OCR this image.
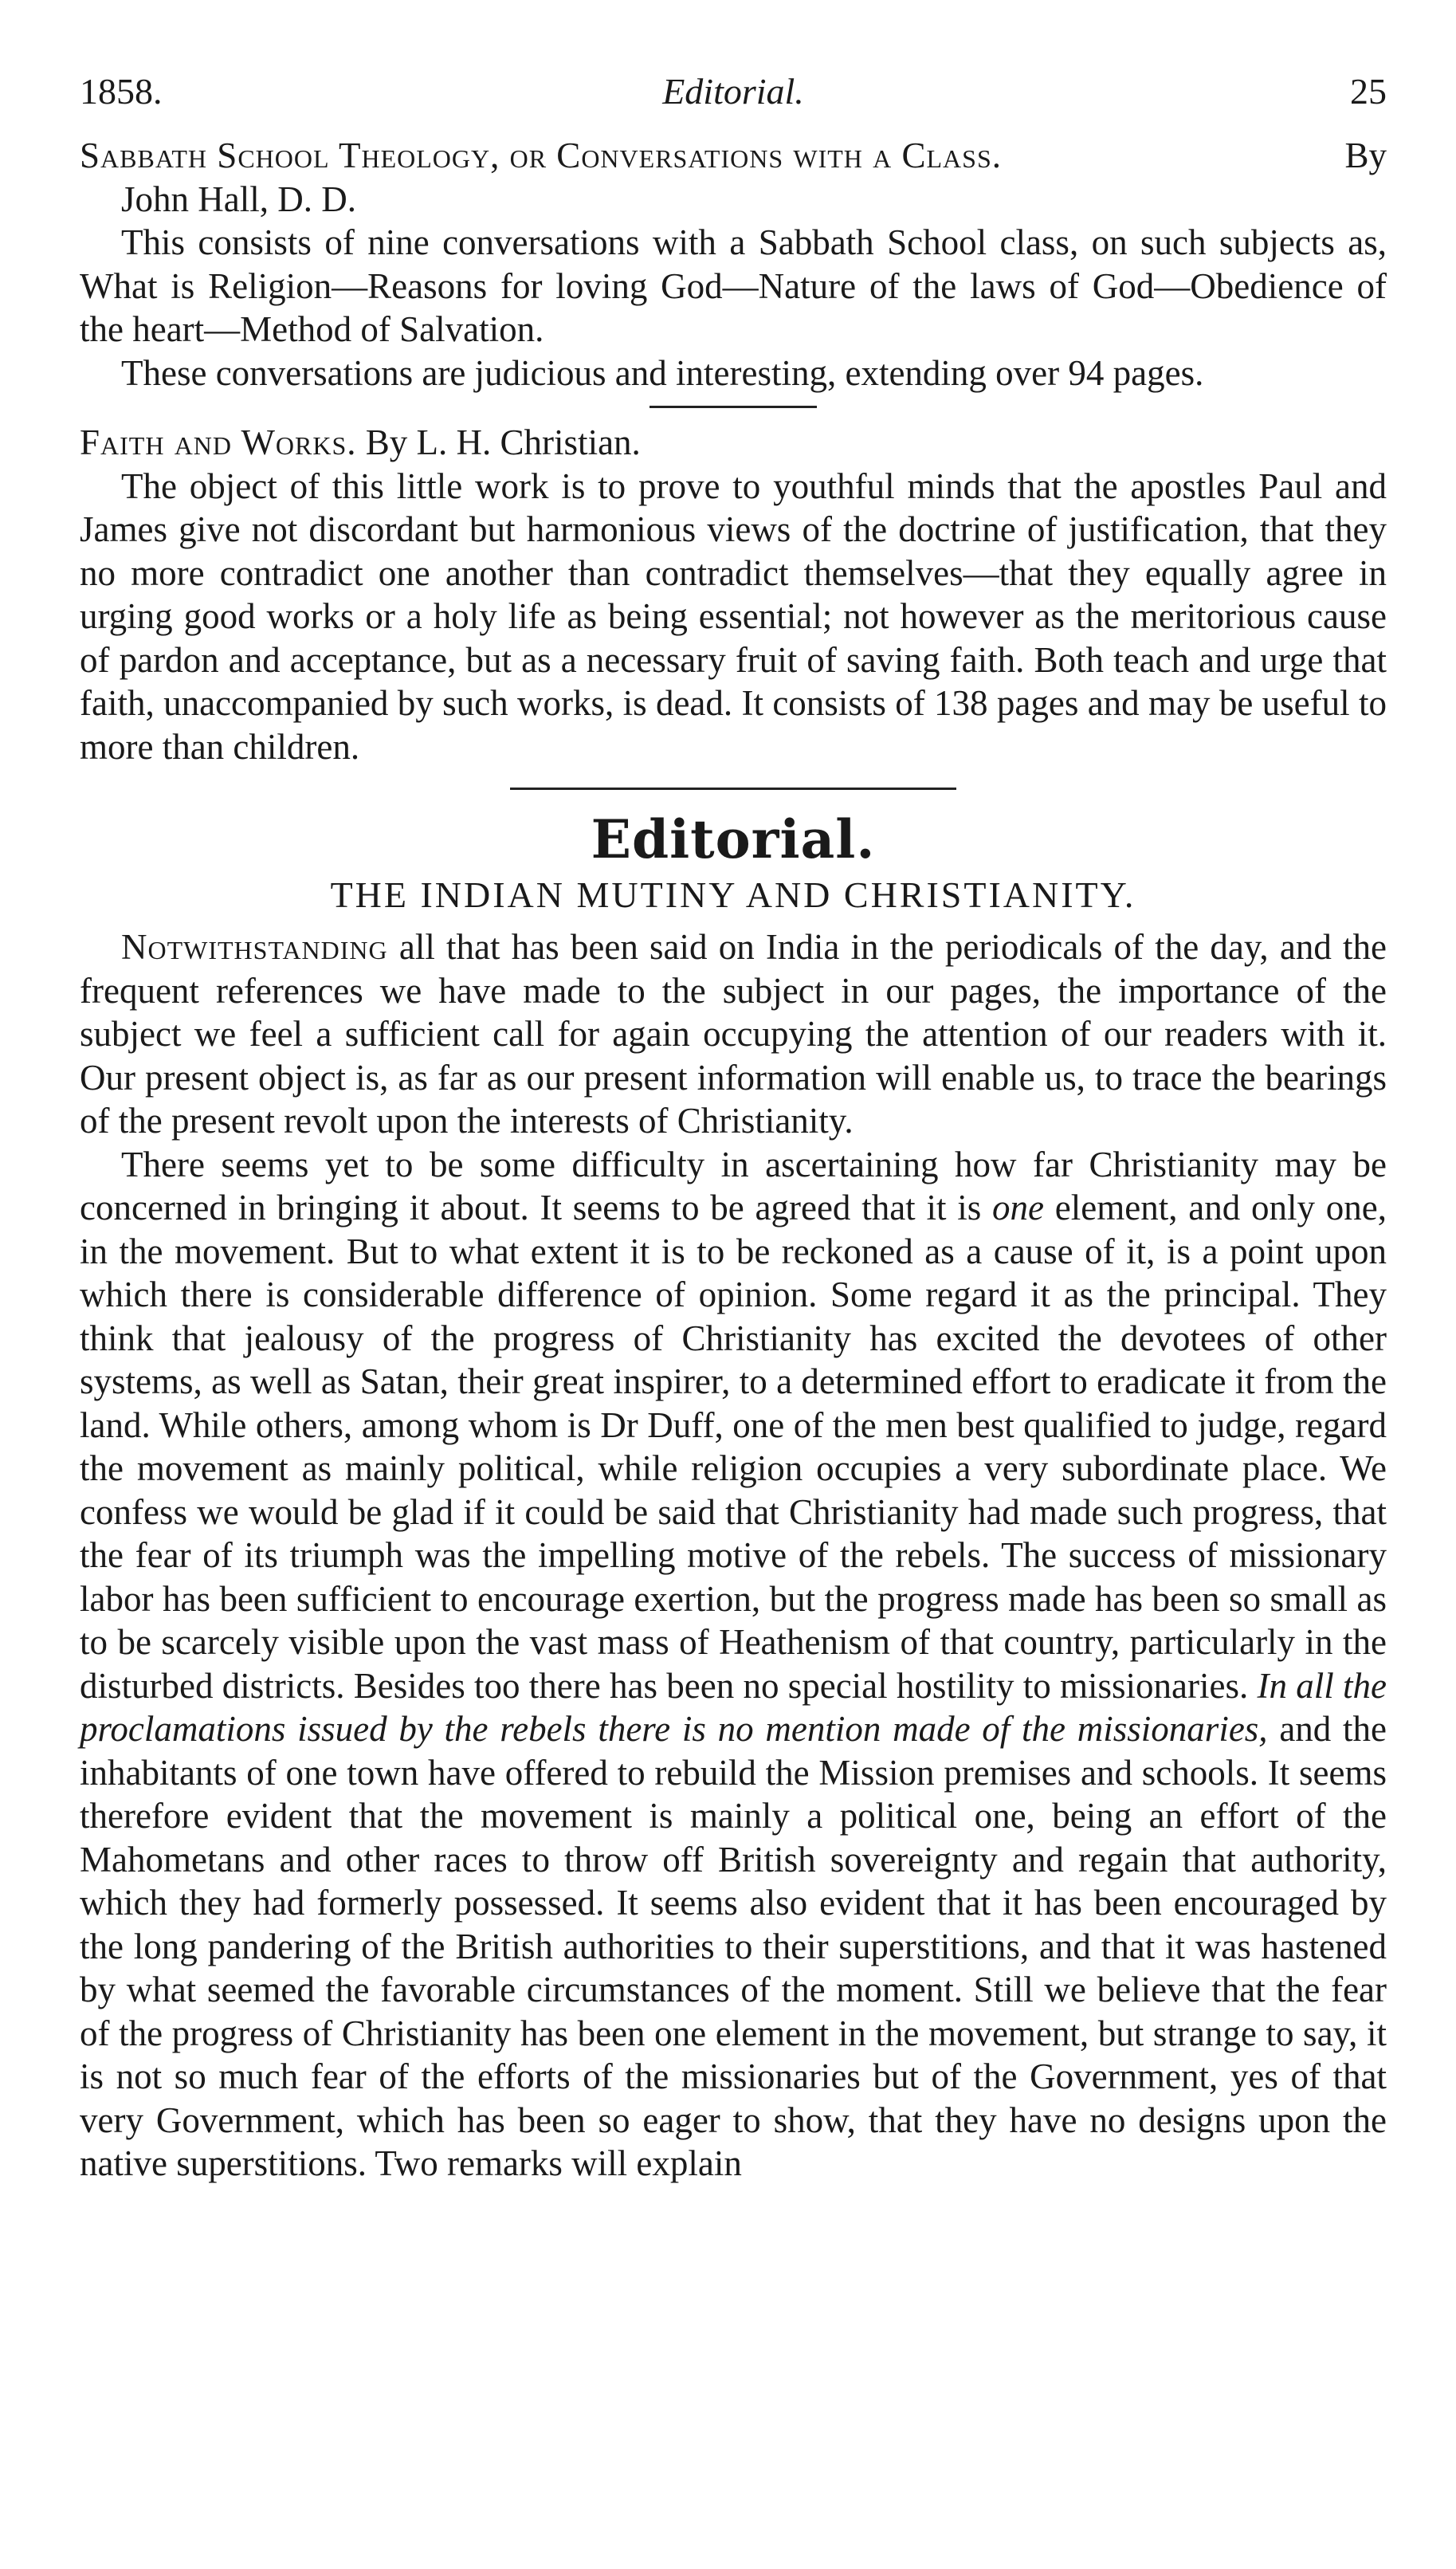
1858.	Editorial.	25
Sabbath School Theology, or Conversations with a Class.	By
John Hall, D. D.

This consists of nine conversations with a Sabbath School class, on such subjects as, What is Religion—Reasons for loving God—Nature of the laws of God—Obedience of the heart—Method of Salvation.

These conversations are judicious and interesting, extending over 94 pages.

Faith and Works. By L. H. Christian.

The object of this little work is to prove to youthful minds that the apostles Paul and James give not discordant but harmonious views of the doctrine of justification, that they no more contradict one another than contradict themselves—that they equally agree in urging good works or a holy life as being essential; not however as the meritorious cause of pardon and acceptance, but as a necessary fruit of saving faith. Both teach and urge that faith, unaccompanied by such works, is dead. It consists of 138 pages and may be useful to more than children.

Editorial.
THE INDIAN MUTINY AND CHRISTIANITY.

Notwithstanding all that has been said on India in the periodicals of the day, and the frequent references we have made to the subject in our pages, the importance of the subject we feel a sufficient call for again occupying the attention of our readers with it. Our present object is, as far as our present information will enable us, to trace the bearings of the present revolt upon the interests of Christianity.

There seems yet to be some difficulty in ascertaining how far Christianity may be concerned in bringing it about. It seems to be agreed that it is one element, and only one, in the movement. But to what extent it is to be reckoned as a cause of it, is a point upon which there is considerable difference of opinion. Some regard it as the principal. They think that jealousy of the progress of Christianity has excited the devotees of other systems, as well as Satan, their great inspirer, to a determined effort to eradicate it from the land. While others, among whom is Dr Duff, one of the men best qualified to judge, regard the movement as mainly political, while religion occupies a very subordinate place. We confess we would be glad if it could be said that Christianity had made such progress, that the fear of its triumph was the impelling motive of the rebels. The success of missionary labor has been sufficient to encourage exertion, but the progress made has been so small as to be scarcely visible upon the vast mass of Heathenism of that country, particularly in the disturbed districts. Besides too there has been no special hostility to missionaries. In all the proclamations issued by the rebels there is no mention made of the missionaries, and the inhabitants of one town have offered to rebuild the Mission premises and schools. It seems therefore evident that the movement is mainly a political one, being an effort of the Mahometans and other races to throw off British sovereignty and regain that authority, which they had formerly possessed. It seems also evident that it has been encouraged by the long pandering of the British authorities to their superstitions, and that it was hastened by what seemed the favorable circumstances of the moment. Still we believe that the fear of the progress of Christianity has been one element in the movement, but strange to say, it is not so much fear of the efforts of the missionaries but of the Government, yes of that very Government, which has been so eager to show, that they have no designs upon the native superstitions. Two remarks will explain
